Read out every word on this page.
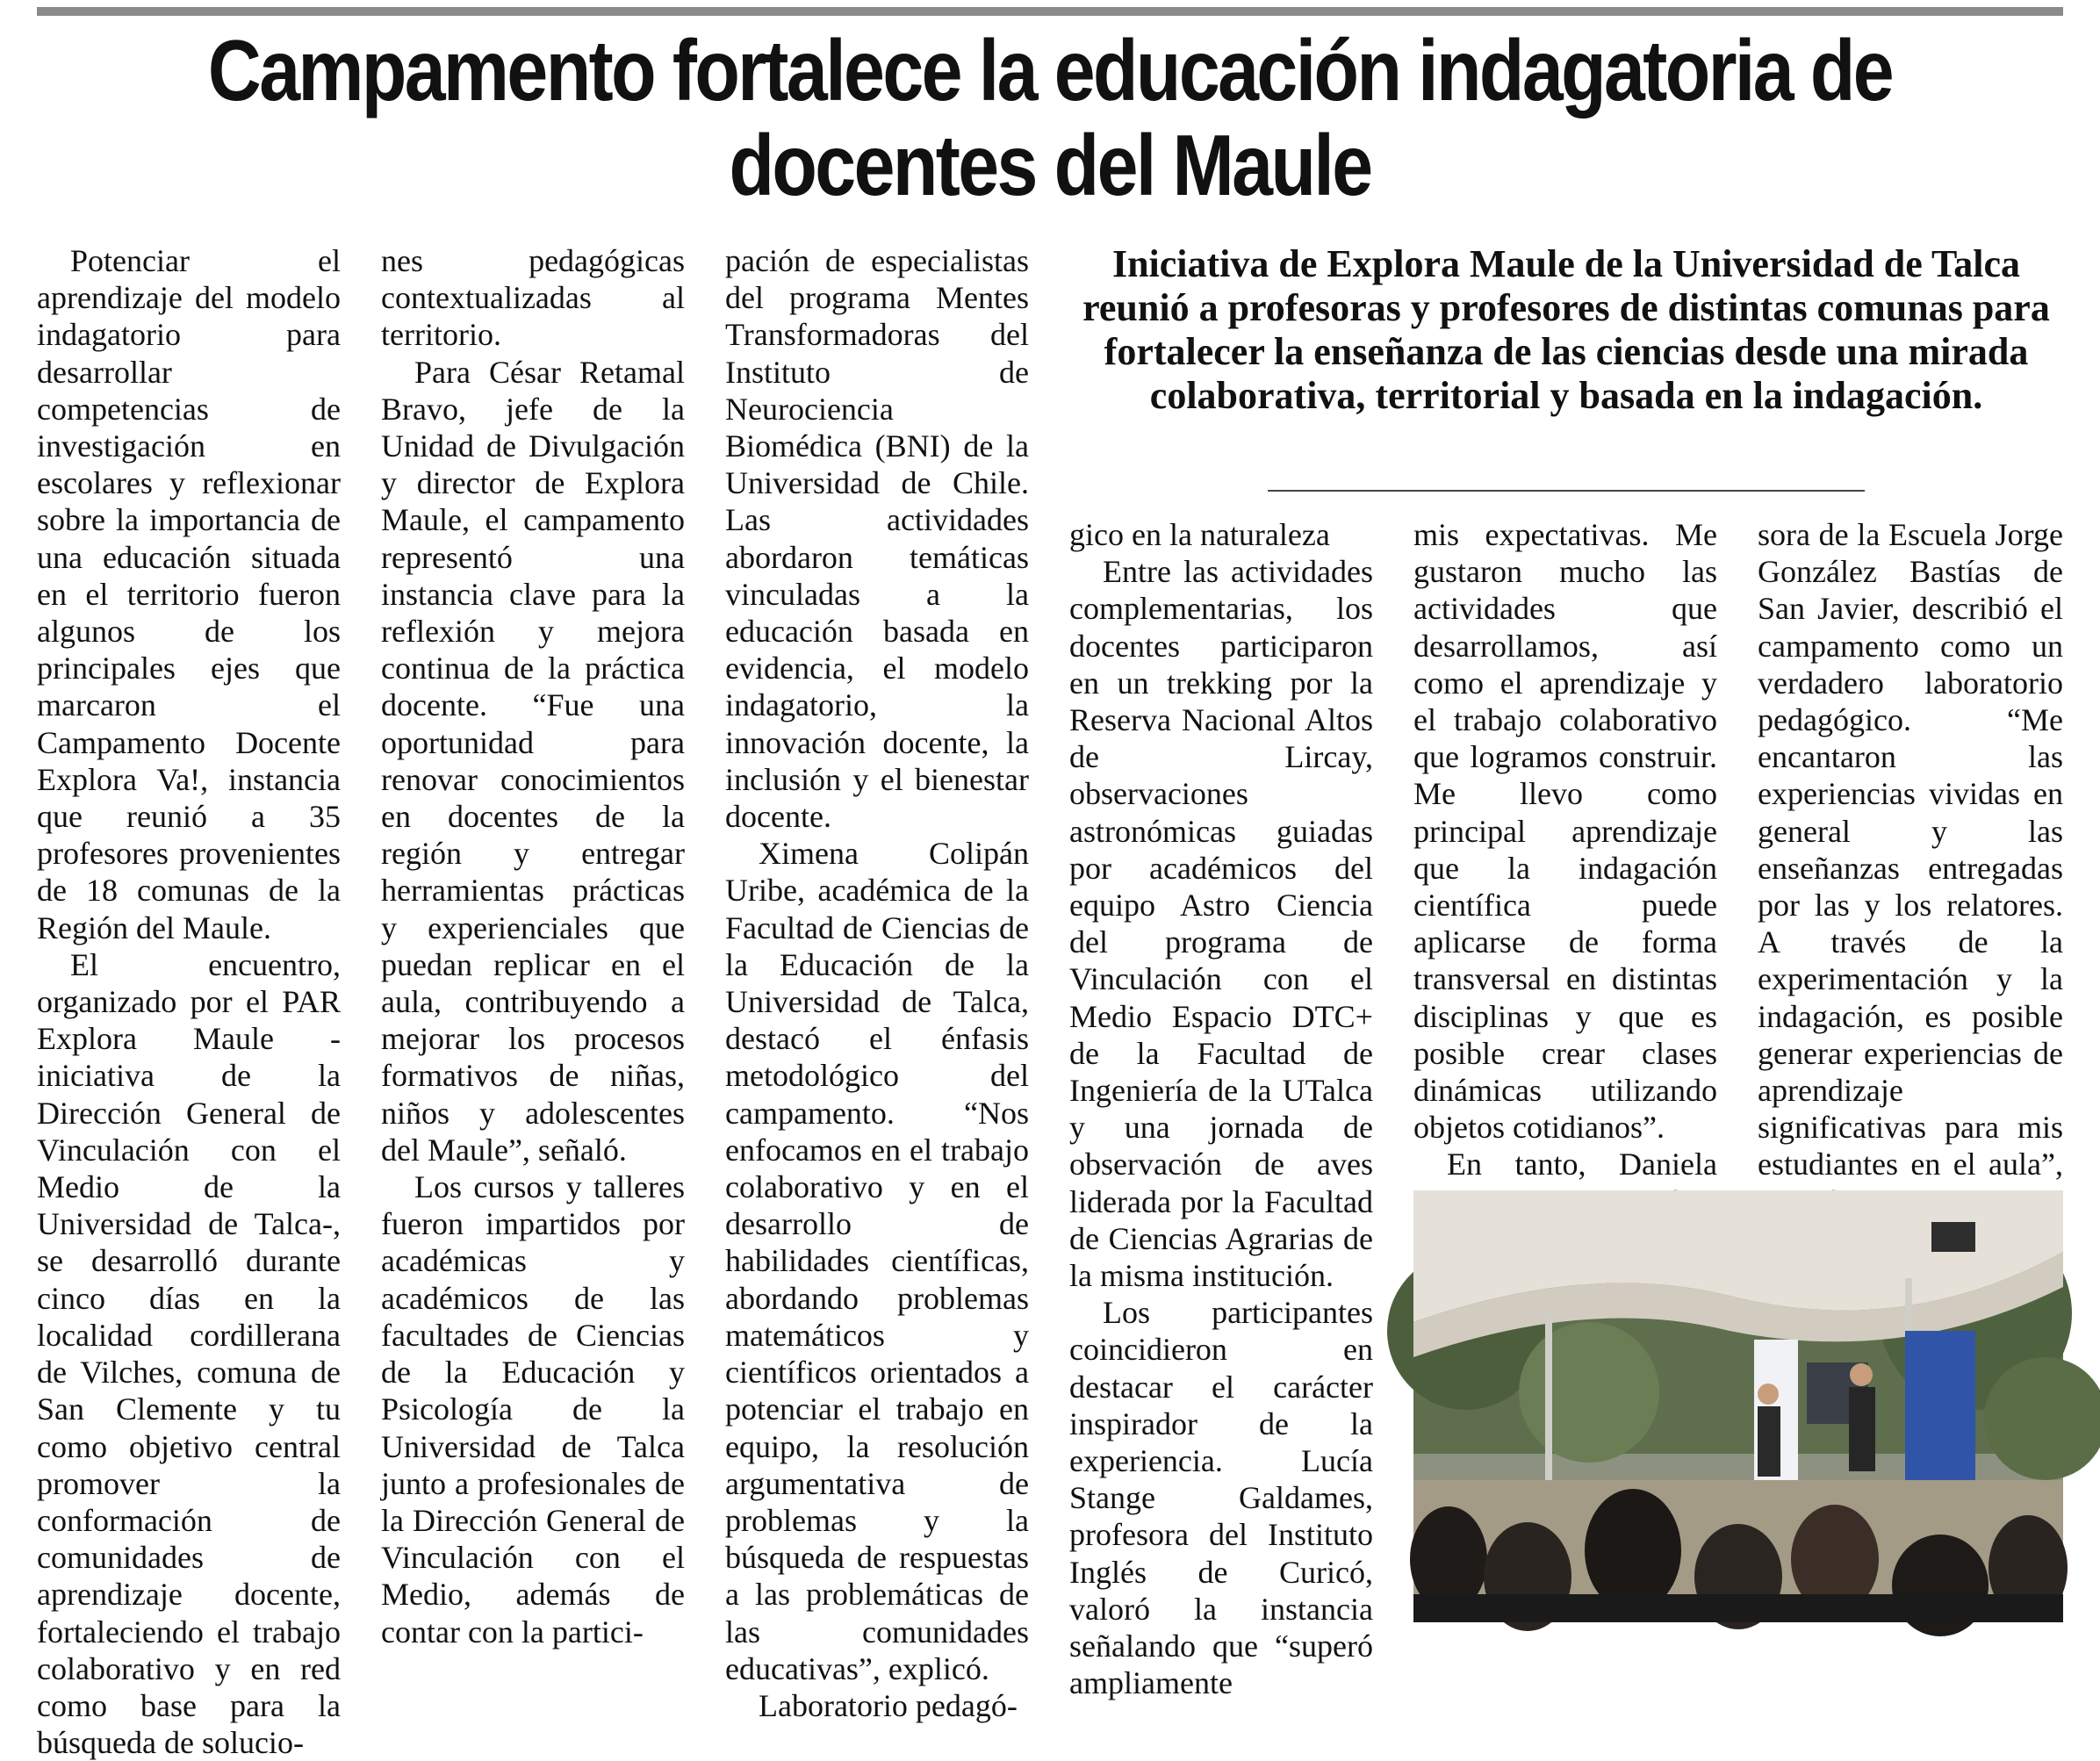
Campamento fortalece la educación indagatoria de docentes del Maule

Potenciar el aprendizaje del modelo indagatorio para desarrollar competencias de investigación en escolares y reflexionar sobre la importancia de una educación situada en el territorio fueron algunos de los principales ejes que marcaron el Campamento Docente Explora Va!, instancia que reunió a 35 profesores provenientes de 18 comunas de la Región del Maule.

El encuentro, organizado por el PAR Explora Maule -iniciativa de la Dirección General de Vinculación con el Medio de la Universidad de Talca-, se desarrolló durante cinco días en la localidad cordillerana de Vilches, comuna de San Clemente y tu como objetivo central promover la conformación de comunidades de aprendizaje docente, fortaleciendo el trabajo colaborativo y en red como base para la búsqueda de solucio-

nes pedagógicas contextualizadas al territorio.

Para César Retamal Bravo, jefe de la Unidad de Divulgación y director de Explora Maule, el campamento representó una instancia clave para la reflexión y mejora continua de la práctica docente. “Fue una oportunidad para renovar conocimientos en docentes de la región y entregar herramientas prácticas y experienciales que puedan replicar en el aula, contribuyendo a mejorar los procesos formativos de niñas, niños y adolescentes del Maule”, señaló.

Los cursos y talleres fueron impartidos por académicas y académicos de las facultades de Ciencias de la Educación y Psicología de la Universidad de Talca junto a profesionales de la Dirección General de Vinculación con el Medio, además de contar con la partici-

pación de especialistas del programa Mentes Transformadoras del Instituto de Neurociencia Biomédica (BNI) de la Universidad de Chile. Las actividades abordaron temáticas vinculadas a la educación basada en evidencia, el modelo indagatorio, la innovación docente, la inclusión y el bienestar docente.

Ximena Colipán Uribe, académica de la Facultad de Ciencias de la Educación de la Universidad de Talca, destacó el énfasis metodológico del campamento. “Nos enfocamos en el trabajo colaborativo y en el desarrollo de habilidades científicas, abordando problemas matemáticos y científicos orientados a potenciar el trabajo en equipo, la resolución argumentativa de problemas y la búsqueda de respuestas a las problemáticas de las comunidades educativas”, explicó.

Laboratorio pedagó-

Iniciativa de Explora Maule de la Universidad de Talca reunió a profesoras y profesores de distintas comunas para fortalecer la enseñanza de las ciencias desde una mirada colaborativa, territorial y basada en la indagación.

gico en la naturaleza

Entre las actividades complementarias, los docentes participaron en un trekking por la Reserva Nacional Altos de Lircay, observaciones astronómicas guiadas por académicos del equipo Astro Ciencia del programa de Vinculación con el Medio Espacio DTC+ de la Facultad de Ingeniería de la UTalca y una jornada de observación de aves liderada por la Facultad de Ciencias Agrarias de la misma institución.

Los participantes coincidieron en destacar el carácter inspirador de la experiencia. Lucía Stange Galdames, profesora del Instituto Inglés de Curicó, valoró la instancia señalando que “superó ampliamente

mis expectativas. Me gustaron mucho las actividades que desarrollamos, así como el aprendizaje y el trabajo colaborativo que logramos construir. Me llevo como principal aprendizaje que la indagación científica puede aplicarse de forma transversal en distintas disciplinas y que es posible crear clases dinámicas utilizando objetos cotidianos”.

En tanto, Daniela

sora de la Escuela Jorge González Bastías de San Javier, describió el campamento como un verdadero laboratorio pedagógico. “Me encantaron las experiencias vividas en general y las enseñanzas entregadas por las y los relatores. A través de la experimentación y la indagación, es posible generar experiencias de aprendizaje significativas para mis estudiantes en el aula”,
